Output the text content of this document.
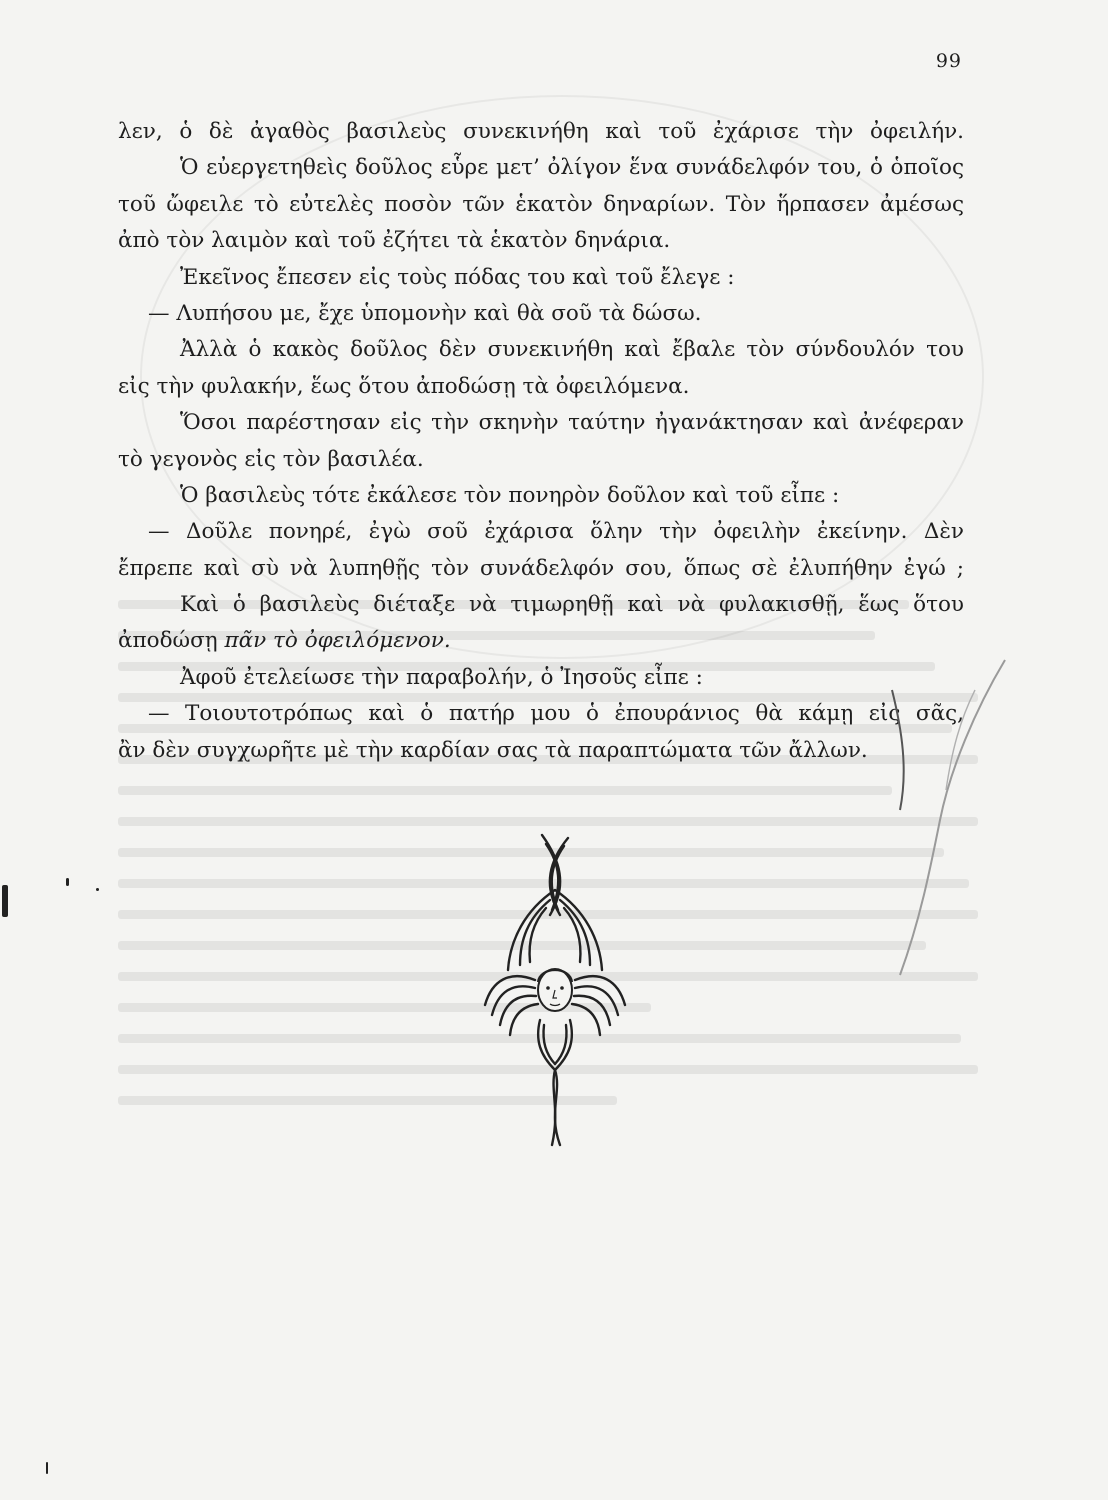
99
λεν, ὁ δὲ ἀγαθὸς βασιλεὺς συνεκινήθη καὶ τοῦ ἐχάρισε τὴν ὀφειλήν.
Ὁ εὐεργετηθεὶς δοῦλος εὗρε μετ’ ὀλίγον ἕνα συνάδελφόν του, ὁ ὁποῖος
τοῦ ὤφειλε τὸ εὐτελὲς ποσὸν τῶν ἑκατὸν δηναρίων. Τὸν ἥρπασεν ἀμέσως
ἀπὸ τὸν λαιμὸν καὶ τοῦ ἐζήτει τὰ ἑκατὸν δηνάρια.
Ἐκεῖνος ἔπεσεν εἰς τοὺς πόδας του καὶ τοῦ ἔλεγε :
— Λυπήσου με, ἔχε ὑπομονὴν καὶ θὰ σοῦ τὰ δώσω.
Ἀλλὰ ὁ κακὸς δοῦλος δὲν συνεκινήθη καὶ ἔβαλε τὸν σύνδουλόν του
εἰς τὴν φυλακήν, ἕως ὅτου ἀποδώσῃ τὰ ὀφειλόμενα.
Ὅσοι παρέστησαν εἰς τὴν σκηνὴν ταύτην ἠγανάκτησαν καὶ ἀνέφεραν
τὸ γεγονὸς εἰς τὸν βασιλέα.
Ὁ βασιλεὺς τότε ἐκάλεσε τὸν πονηρὸν δοῦλον καὶ τοῦ εἶπε :
— Δοῦλε πονηρέ, ἐγὼ σοῦ ἐχάρισα ὅλην τὴν ὀφειλὴν ἐκείνην. Δὲν
ἔπρεπε καὶ σὺ νὰ λυπηθῇς τὸν συνάδελφόν σου, ὅπως σὲ ἐλυπήθην ἐγώ ;
Καὶ ὁ βασιλεὺς διέταξε νὰ τιμωρηθῇ καὶ νὰ φυλακισθῇ, ἕως ὅτου
ἀποδώσῃ πᾶν τὸ ὀφειλόμενον.
Ἀφοῦ ἐτελείωσε τὴν παραβολήν, ὁ Ἰησοῦς εἶπε :
— Τοιουτοτρόπως καὶ ὁ πατήρ μου ὁ ἐπουράνιος θὰ κάμῃ εἰς σᾶς,
ἂν δὲν συγχωρῆτε μὲ τὴν καρδίαν σας τὰ παραπτώματα τῶν ἄλλων.
